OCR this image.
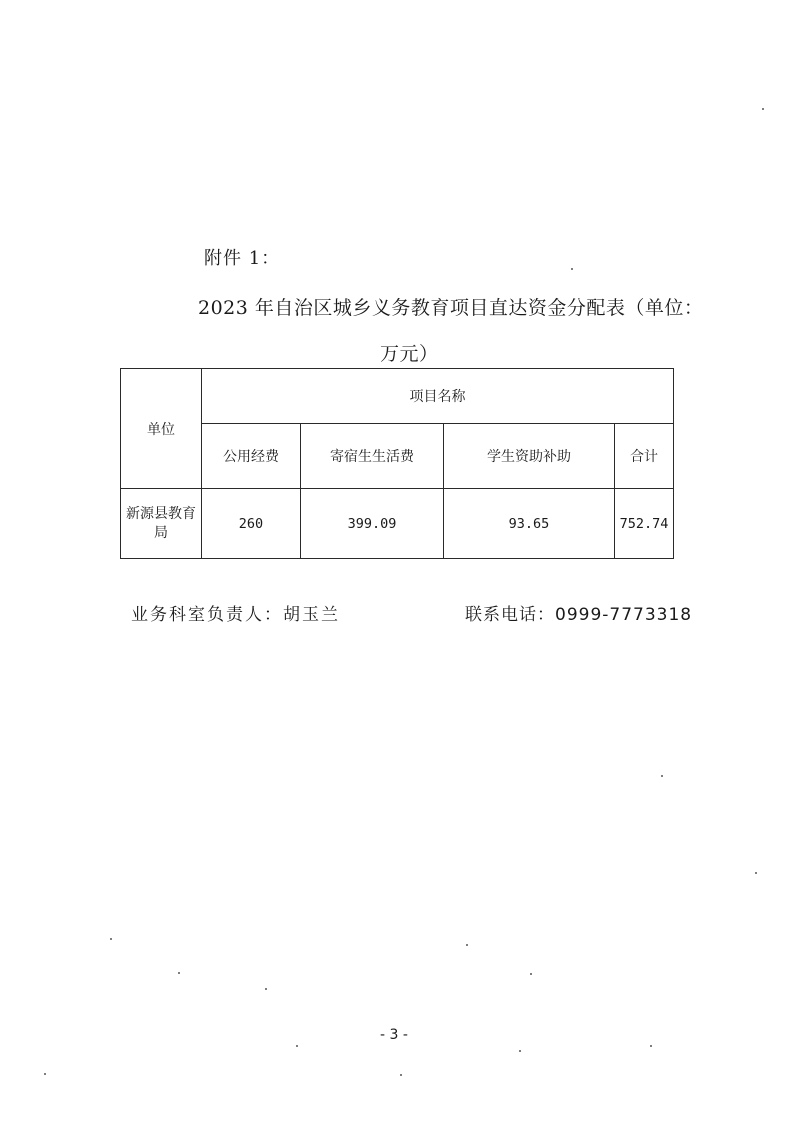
附件 1：
2023 年自治区城乡义务教育项目直达资金分配表（单位：
万元）
单位	项目名称			
	公用经费	寄宿生生活费	学生资助补助	合计
新源县教育局	260	399.09	93.65	752.74
业务科室负责人：胡玉兰	联系电话：0999-7773318
- 3 -
